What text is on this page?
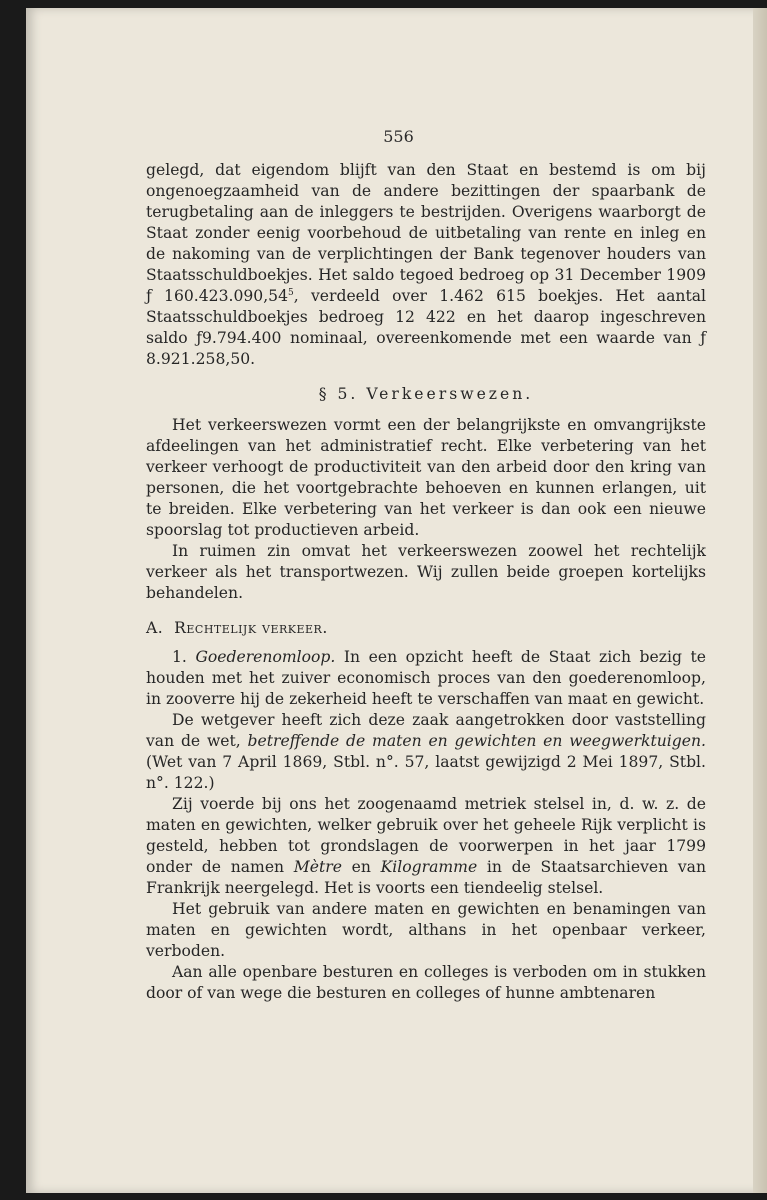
556

gelegd, dat eigendom blijft van den Staat en bestemd is om bij ongenoegzaamheid van de andere bezittingen der spaarbank de terugbetaling aan de inleggers te bestrijden. Overigens waarborgt de Staat zonder eenig voorbehoud de uitbetaling van rente en inleg en de nakoming van de verplichtingen der Bank tegenover houders van Staatsschuldboekjes. Het saldo tegoed bedroeg op 31 December 1909 ƒ 160.423.090,54$^5$, verdeeld over 1.462 615 boekjes. Het aantal Staatsschuldboekjes bedroeg 12 422 en het daarop ingeschreven saldo ƒ9.794.400 nominaal, overeenkomende met een waarde van ƒ 8.921.258,50.

§ 5. Verkeerswezen.

Het verkeerswezen vormt een der belangrijkste en omvangrijkste afdeelingen van het administratief recht. Elke verbetering van het verkeer verhoogt de productiviteit van den arbeid door den kring van personen, die het voortgebrachte behoeven en kunnen erlangen, uit te breiden. Elke verbetering van het verkeer is dan ook een nieuwe spoorslag tot productieven arbeid.

In ruimen zin omvat het verkeerswezen zoowel het rechtelijk verkeer als het transportwezen. Wij zullen beide groepen kortelijks behandelen.

A. Rechtelijk verkeer.

1. Goederenomloop. In een opzicht heeft de Staat zich bezig te houden met het zuiver economisch proces van den goederenomloop, in zooverre hij de zekerheid heeft te verschaffen van maat en gewicht.

De wetgever heeft zich deze zaak aangetrokken door vaststelling van de wet, betreffende de maten en gewichten en weegwerktuigen. (Wet van 7 April 1869, Stbl. n°. 57, laatst gewijzigd 2 Mei 1897, Stbl. n°. 122.)

Zij voerde bij ons het zoogenaamd metriek stelsel in, d. w. z. de maten en gewichten, welker gebruik over het geheele Rijk verplicht is gesteld, hebben tot grondslagen de voorwerpen in het jaar 1799 onder de namen Mètre en Kilogramme in de Staatsarchieven van Frankrijk neergelegd. Het is voorts een tiendeelig stelsel.

Het gebruik van andere maten en gewichten en benamingen van maten en gewichten wordt, althans in het openbaar verkeer, verboden.

Aan alle openbare besturen en colleges is verboden om in stukken door of van wege die besturen en colleges of hunne ambtenaren
